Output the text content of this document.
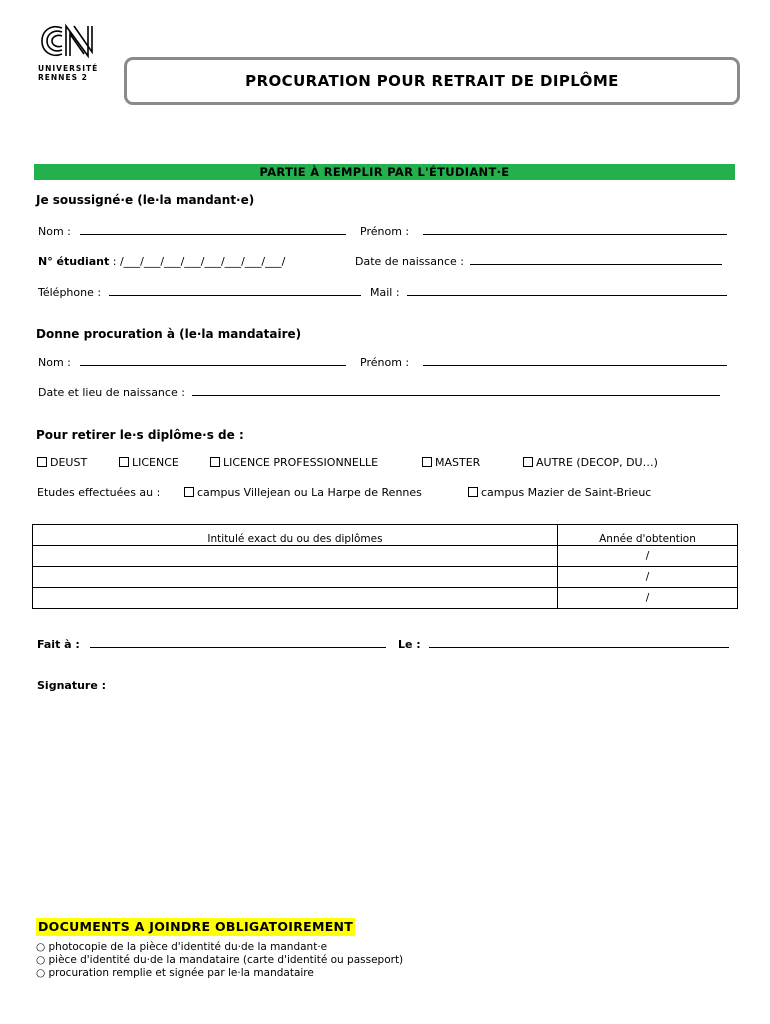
UNIVERSITÉ
RENNES 2	PROCURATION POUR RETRAIT DE DIPLÔME
PARTIE À REMPLIR PAR L'ÉTUDIANT·E
Je soussigné·e (le·la mandant·e)
Nom :	Prénom :
N° étudiant : /___/___/___/___/___/___/___/___/	Date de naissance :
Téléphone :	Mail :
Donne procuration à (le·la mandataire)
Nom :	Prénom :
Date et lieu de naissance :
Pour retirer le·s diplôme·s de :
DEUST	LICENCE	LICENCE PROFESSIONNELLE	MASTER	AUTRE (DECOP, DU…)
Etudes effectuées au :	campus Villejean ou La Harpe de Rennes	campus Mazier de Saint-Brieuc
Intitulé exact du ou des diplômes	Année d'obtention
	/
	/
	/
Fait à :	Le :
Signature :
DOCUMENTS A JOINDRE OBLIGATOIREMENT
○ photocopie de la pièce d'identité du·de la mandant·e
○ pièce d'identité du·de la mandataire (carte d'identité ou passeport)
○ procuration remplie et signée par le·la mandataire
